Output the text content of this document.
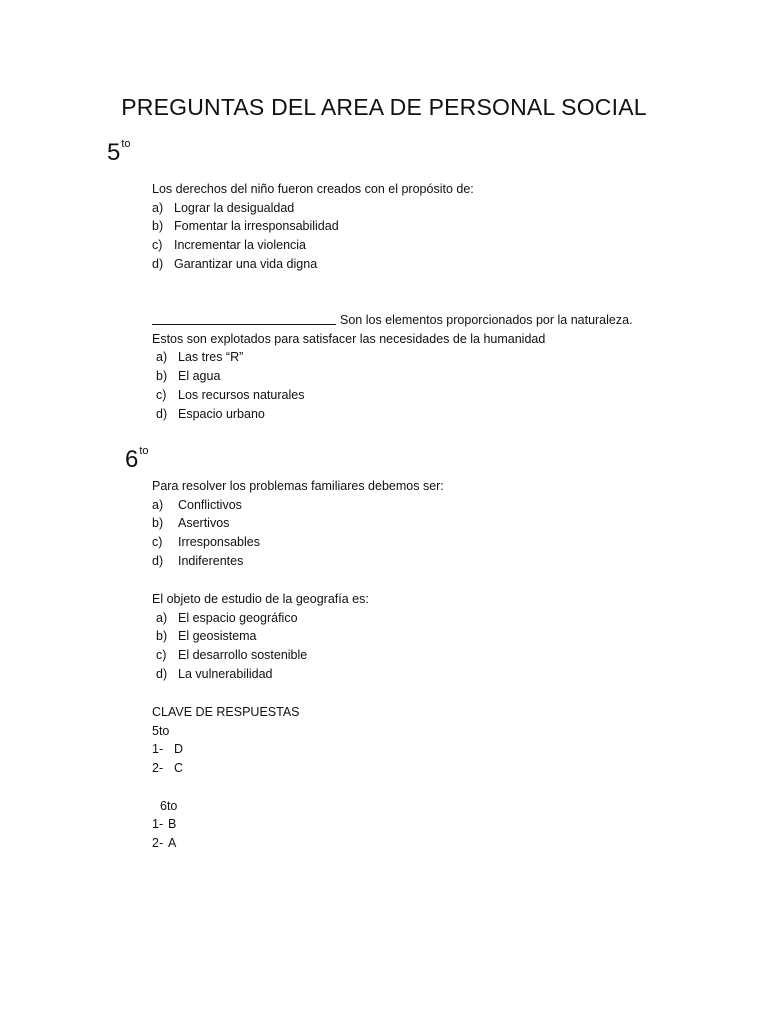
PREGUNTAS DEL AREA DE PERSONAL SOCIAL
$5^{to}$
Los derechos del niño fueron creados con el propósito de:
a) Lograr la desigualdad
b) Fomentar la irresponsabilidad
c) Incrementar la violencia
d) Garantizar una vida digna
Son los elementos proporcionados por la naturaleza.
Estos son explotados para satisfacer las necesidades de la humanidad
a) Las tres “R”
b) El agua
c) Los recursos naturales
d) Espacio urbano
$6^{to}$
Para resolver los problemas familiares debemos ser:
a) Conflictivos
b) Asertivos
c) Irresponsables
d) Indiferentes
El objeto de estudio de la geografía es:
a) El espacio geográfico
b) El geosistema
c) El desarrollo sostenible
d) La vulnerabilidad
CLAVE DE RESPUESTAS
5to
1- D
2- C
6to
1- B
2- A
